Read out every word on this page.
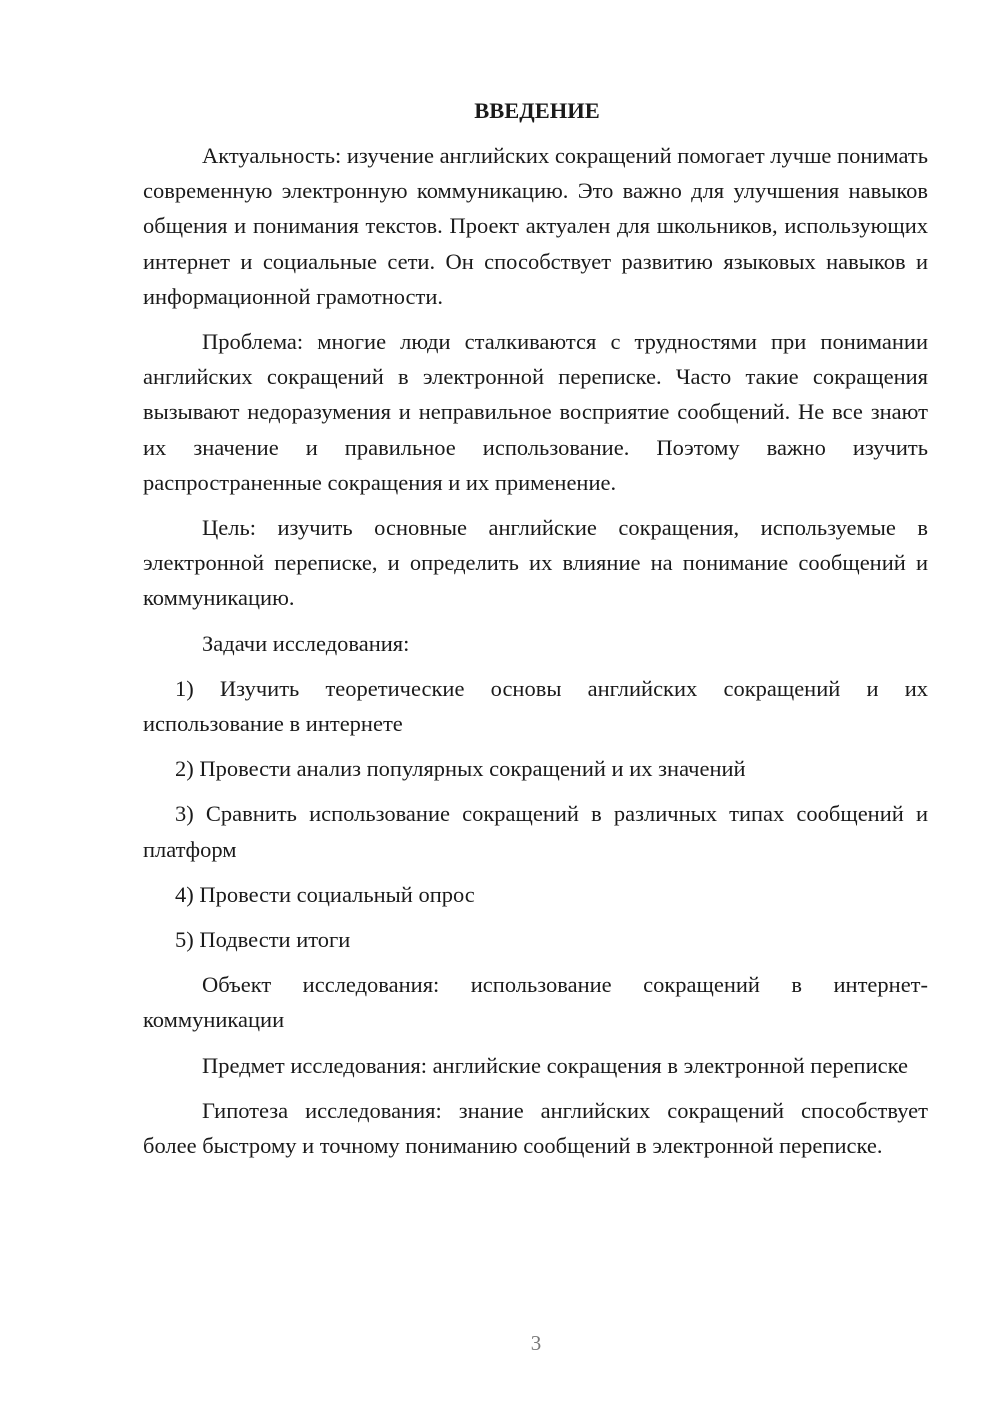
ВВЕДЕНИЕ

Актуальность: изучение английских сокращений помогает лучше понимать современную электронную коммуникацию. Это важно для улучшения навыков общения и понимания текстов. Проект актуален для школьников, использующих интернет и социальные сети. Он способствует развитию языковых навыков и информационной грамотности.

Проблема: многие люди сталкиваются с трудностями при понимании английских сокращений в электронной переписке. Часто такие сокращения вызывают недоразумения и неправильное восприятие сообщений. Не все знают их значение и правильное использование. Поэтому важно изучить распространенные сокращения и их применение.

Цель: изучить основные английские сокращения, используемые в электронной переписке, и определить их влияние на понимание сообщений и коммуникацию.

Задачи исследования:

1) Изучить теоретические основы английских сокращений и их использование в интернете

2) Провести анализ популярных сокращений и их значений

3) Сравнить использование сокращений в различных типах сообщений и платформ

4) Провести социальный опрос

5) Подвести итоги

Объект исследования: использование сокращений в интернет-коммуникации

Предмет исследования: английские сокращения в электронной переписке

Гипотеза исследования: знание английских сокращений способствует более быстрому и точному пониманию сообщений в электронной переписке.

3
